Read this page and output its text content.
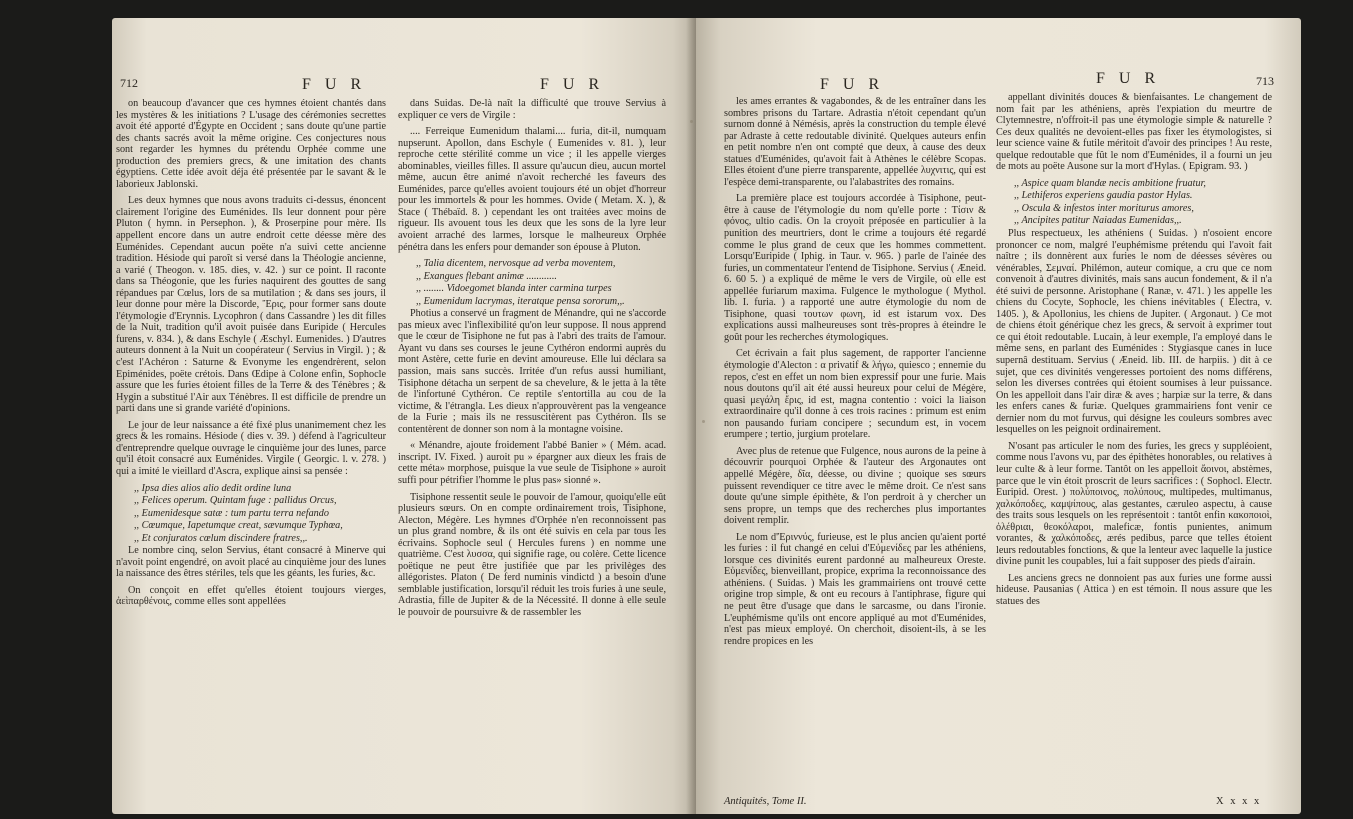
712	F U R	F U R

on beaucoup d'avancer que ces hymnes étoient chantés dans les mystères & les initiations ? L'usage des cérémonies secrettes avoit été apporté d'Égypte en Occident ; sans doute qu'une partie des chants sacrés avoit la même origine. Ces conjectures nous sont regarder les hymnes du prétendu Orphée comme une production des premiers grecs, & une imitation des chants égyptiens. Cette idée avoit déja été présentée par le savant & le laborieux Jablonski.

Les deux hymnes que nous avons traduits ci-dessus, énoncent clairement l'origine des Euménides. Ils leur donnent pour père Pluton ( hymn. in Persephon. ), & Proserpine pour mère. Ils appellent encore dans un autre endroit cette déesse mère des Euménides. Cependant aucun poëte n'a suivi cette ancienne tradition. Hésiode qui paroît si versé dans la Théologie ancienne, a varié ( Theogon. v. 185. dies, v. 42. ) sur ce point. Il raconte dans sa Théogonie, que les furies naquirent des gouttes de sang répandues par Cœlus, lors de sa mutilation ; & dans ses jours, il leur donne pour mère la Discorde, Ἔρις, pour former sans doute l'étymologie d'Erynnis. Lycophron ( dans Cassandre ) les dit filles de la Nuit, tradition qu'il avoit puisée dans Euripide ( Hercules furens, v. 834. ), & dans Eschyle ( Æschyl. Eumenides. ) D'autres auteurs donnent à la Nuit un coopérateur ( Servius in Virgil. ) ; & c'est l'Achéron : Saturne & Evonyme les engendrèrent, selon Epiménides, poëte crétois. Dans Œdipe à Colone enfin, Sophocle assure que les furies étoient filles de la Terre & des Ténèbres ; & Hygin a substitué l'Air aux Ténèbres. Il est difficile de prendre un parti dans une si grande variété d'opinions.

Le jour de leur naissance a été fixé plus unanimement chez les grecs & les romains. Hésiode ( dies v. 39. ) défend à l'agriculteur d'entreprendre quelque ouvrage le cinquième jour des lunes, parce qu'il étoit consacré aux Euménides. Virgile ( Georgic. l. v. 278. ) qui a imité le vieillard d'Ascra, explique ainsi sa pensée :

,, Ipsa dies alios alio dedit ordine luna

,, Felices operum. Quintam fuge : pallidus Orcus,

,, Eumenidesque satæ : tum partu terra nefando

,, Cœumque, Iapetumque creat, sævumque Typhœa,

,, Et conjuratos cœlum discindere fratres,,.

Le nombre cinq, selon Servius, étant consacré à Minerve qui n'avoit point engendré, on avoit placé au cinquième jour des lunes la naissance des êtres stériles, tels que les géants, les furies, &c.

On conçoit en effet qu'elles étoient toujours vierges, ἀεὶπαρθένοις, comme elles sont appellées

dans Suidas. De-là naît la difficulté que trouve Servius à expliquer ce vers de Virgile :

.... Ferreique Eumenidum thalami.... furia, dit-il, numquam nupserunt. Apollon, dans Eschyle ( Eumenides v. 81. ), leur reproche cette stérilité comme un vice ; il les appelle vierges abominables, vieilles filles. Il assure qu'aucun dieu, aucun mortel même, aucun être animé n'avoit recherché les faveurs des Euménides, parce qu'elles avoient toujours été un objet d'horreur pour les immortels & pour les hommes. Ovide ( Metam. X. ), & Stace ( Thébaïd. 8. ) cependant les ont traitées avec moins de rigueur. Ils avouent tous les deux que les sons de la lyre leur avoient arraché des larmes, lorsque le malheureux Orphée pénétra dans les enfers pour demander son épouse à Pluton.

,, Talia dicentem, nervosque ad verba moventem,

,, Exangues flebant animæ ............

,, ........ Vidoegomet blanda inter carmina turpes

,, Eumenidum lacrymas, iteratque pensa sororum,,.

Photius a conservé un fragment de Ménandre, qui ne s'accorde pas mieux avec l'inflexibilité qu'on leur suppose. Il nous apprend que le cœur de Tisiphone ne fut pas à l'abri des traits de l'amour. Ayant vu dans ses courses le jeune Cythéron endormi auprès du mont Astère, cette furie en devint amoureuse. Elle lui déclara sa passion, mais sans succès. Irritée d'un refus aussi humiliant, Tisiphone détacha un serpent de sa chevelure, & le jetta à la tête de l'infortuné Cythéron. Ce reptile s'entortilla au cou de la victime, & l'étrangla. Les dieux n'approuvèrent pas la vengeance de la Furie ; mais ils ne ressuscitèrent pas Cythéron. Ils se contentèrent de donner son nom à la montagne voisine.

« Ménandre, ajoute froidement l'abbé Banier » ( Mém. acad. inscript. IV. Fixed. ) auroit pu » épargner aux dieux les frais de cette méta» morphose, puisque la vue seule de Tisiphone » auroit suffi pour pétrifier l'homme le plus pas» sionné ».

Tisiphone ressentit seule le pouvoir de l'amour, quoiqu'elle eût plusieurs sœurs. On en compte ordinairement trois, Tisiphone, Alecton, Mégère. Les hymnes d'Orphée n'en reconnoissent pas un plus grand nombre, & ils ont été suivis en cela par tous les écrivains. Sophocle seul ( Hercules furens ) en nomme une quatrième. C'est λυσσα, qui signifie rage, ou colère. Cette licence poëtique ne peut être justifiée que par les privilèges des allégoristes. Platon ( De ferd numinis vindictd ) a besoin d'une semblable justification, lorsqu'il réduit les trois furies à une seule, Adrastia, fille de Jupiter & de la Nécessité. Il donne à elle seule le pouvoir de poursuivre & de rassembler les

F U R	F U R	713

les ames errantes & vagabondes, & de les entraîner dans les sombres prisons du Tartare. Adrastia n'étoit cependant qu'un surnom donné à Némésis, après la construction du temple élevé par Adraste à cette redoutable divinité. Quelques auteurs enfin en petit nombre n'en ont compté que deux, à cause des deux statues d'Euménides, qu'avoit fait à Athènes le célèbre Scopas. Elles étoient d'une pierre transparente, appellée λυχνιτις, qui est l'espèce demi-transparente, ou l'alabastrites des romains.

La première place est toujours accordée à Tisiphone, peut-être à cause de l'étymologie du nom qu'elle porte : Τίσιν & φόνος, ultio cadis. On la croyoit préposée en particulier à la punition des meurtriers, dont le crime a toujours été regardé comme le plus grand de ceux que les hommes commettent. Lorsqu'Euripide ( Iphig. in Taur. v. 965. ) parle de l'ainée des furies, un commentateur l'entend de Tisiphone. Servius ( Æneid. 6. 60 5. ) a expliqué de même le vers de Virgile, où elle est appellée furiarum maxima. Fulgence le mythologue ( Mythol. lib. I. furia. ) a rapporté une autre étymologie du nom de Tisiphone, quasi τουτων φωνη, id est istarum vox. Des explications aussi malheureuses sont très-propres à éteindre le goût pour les recherches étymologiques.

Cet écrivain a fait plus sagement, de rapporter l'ancienne étymologie d'Alecton : α privatif & λήγω, quiesco ; ennemie du repos, c'est en effet un nom bien expressif pour une furie. Mais nous doutons qu'il ait été aussi heureux pour celui de Mégère, quasi μεγάλη ἔρις, id est, magna contentio : voici la liaison extraordinaire qu'il donne à ces trois racines : primum est enim non pausando furiam concipere ; secundum est, in vocem erumpere ; tertio, jurgium protelare.

Avec plus de retenue que Fulgence, nous aurons de la peine à découvrir pourquoi Orphée & l'auteur des Argonautes ont appellé Mégère, δῖα, déesse, ou divine ; quoique ses sœurs puissent revendiquer ce titre avec le même droit. Ce n'est sans doute qu'une simple épithète, & l'on perdroit à y chercher un sens propre, un temps que des recherches plus importantes doivent remplir.

Le nom d'Ἐριννύς, furieuse, est le plus ancien qu'aient porté les furies : il fut changé en celui d'Εὐμενίδες par les athéniens, lorsque ces divinités eurent pardonné au malheureux Oreste. Εὐμενίδες, bienveillant, propice, exprima la reconnoissance des athéniens. ( Suidas. ) Mais les grammairiens ont trouvé cette origine trop simple, & ont eu recours à l'antiphrase, figure qui ne peut être d'usage que dans le sarcasme, ou dans l'ironie. L'euphémisme qu'ils ont encore appliqué au mot d'Euménides, n'est pas mieux employé. On cherchoit, disoient-ils, à se les rendre propices en les

appellant divinités douces & bienfaisantes. Le changement de nom fait par les athéniens, après l'expiation du meurtre de Clytemnestre, n'offroit-il pas une étymologie simple & naturelle ? Ces deux qualités ne devoient-elles pas fixer les étymologistes, si leur science vaine & futile méritoit d'avoir des principes ! Au reste, quelque redoutable que fût le nom d'Euménides, il a fourni un jeu de mots au poëte Ausone sur la mort d'Hylas. ( Epigram. 93. )

,, Aspice quam blandæ necis ambitione fruatur,

,, Lethiferos experiens gaudia pastor Hylas.

,, Oscula & infestos inter moriturus amores,

,, Ancipites patitur Naiadas Eumenidas,,.

Plus respectueux, les athéniens ( Suidas. ) n'osoient encore prononcer ce nom, malgré l'euphémisme prétendu qui l'avoit fait naître ; ils donnèrent aux furies le nom de déesses sévères ou vénérables, Σεμναί. Philémon, auteur comique, a cru que ce nom convenoit à d'autres divinités, mais sans aucun fondement, & il n'a été suivi de personne. Aristophane ( Ranæ, v. 471. ) les appelle les chiens du Cocyte, Sophocle, les chiens inévitables ( Electra, v. 1405. ), & Apollonius, les chiens de Jupiter. ( Argonaut. ) Ce mot de chiens étoit générique chez les grecs, & servoit à exprimer tout ce qui étoit redoutable. Lucain, à leur exemple, l'a employé dans le même sens, en parlant des Euménides : Stygiasque canes in luce supernâ destituam. Servius ( Æneid. lib. III. de harpiis. ) dit à ce sujet, que ces divinités vengeresses portoient des noms différens, selon les diverses contrées qui étoient soumises à leur puissance. On les appelloit dans l'air diræ & aves ; harpiæ sur la terre, & dans les enfers canes & furiæ. Quelques grammairiens font venir ce dernier nom du mot furvus, qui désigne les couleurs sombres avec lesquelles on les peignoit ordinairement.

N'osant pas articuler le nom des furies, les grecs y suppléoient, comme nous l'avons vu, par des épithètes honorables, ou relatives à leur culte & à leur forme. Tantôt on les appelloit ἄοινοι, abstèmes, parce que le vin étoit proscrit de leurs sacrifices : ( Sophocl. Electr. Euripid. Orest. ) πολύποινος, πολύπους, multipedes, multimanus, χαλκόποδες, καμψίπους, alas gestantes, cæruleo aspectu, à cause des traits sous lesquels on les représentoit : tantôt enfin κακοποιοὶ, ὀλέθριαι, θεοκόλαροι, maleficæ, fontis punientes, animum vorantes, & χαλκόποδες, ærés pedibus, parce que telles étoient leurs redoutables fonctions, & que la lenteur avec laquelle la justice divine punit les coupables, lui a fait supposer des pieds d'airain.

Les anciens grecs ne donnoient pas aux furies une forme aussi hideuse. Pausanias ( Attica ) en est témoin. Il nous assure que les statues des

Antiquités, Tome II.	X x x x
